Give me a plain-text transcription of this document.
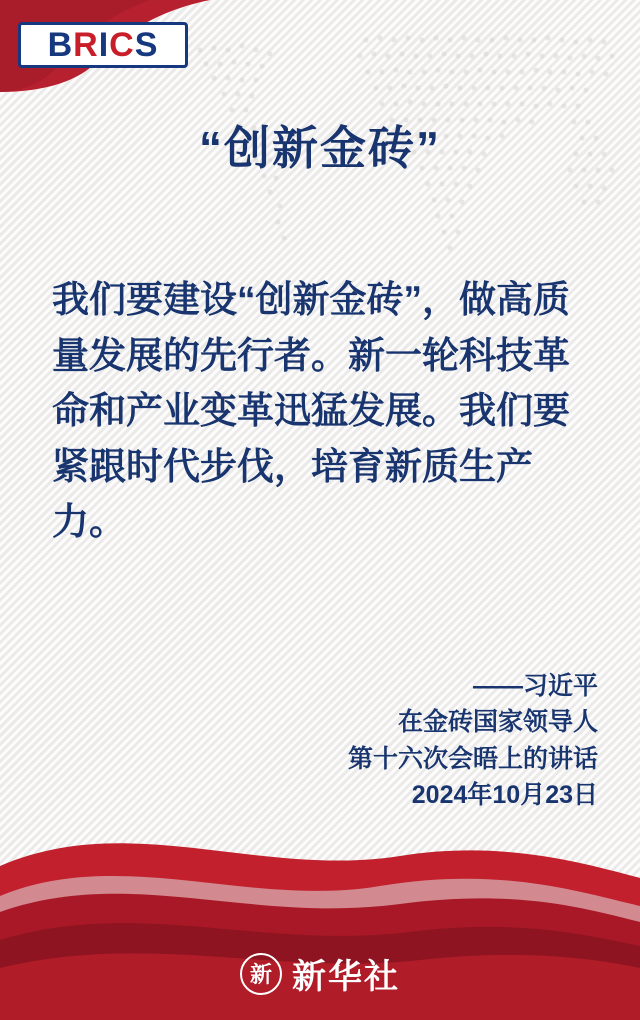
BRICS
“创新金砖”
我们要建设“创新金砖”，做高质量发展的先行者。新一轮科技革命和产业变革迅猛发展。我们要紧跟时代步伐，培育新质生产力。
——习近平
在金砖国家领导人
第十六次会晤上的讲话
2024年10月23日
新 新华社
